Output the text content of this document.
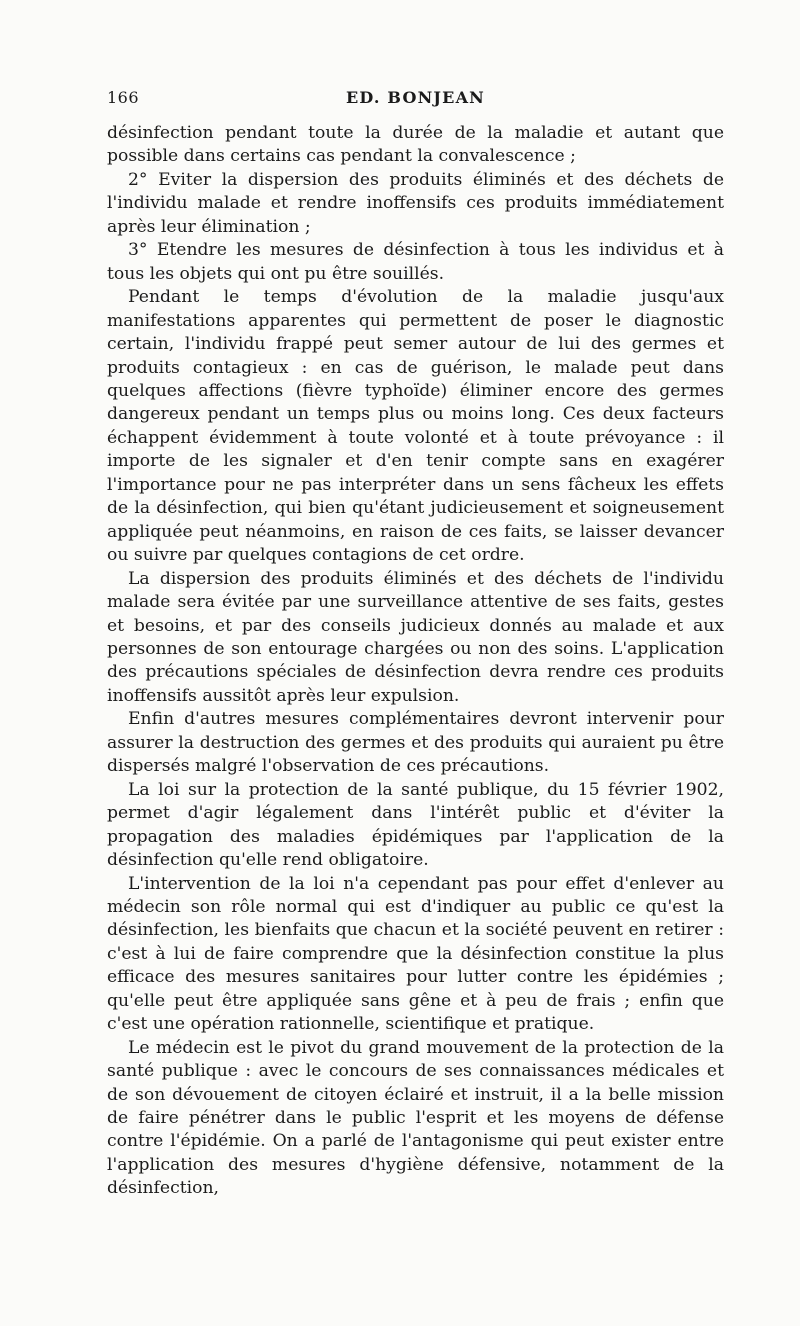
166	ED. BONJEAN

désinfection pendant toute la durée de la maladie et autant que possible dans certains cas pendant la convalescence ;

2° Eviter la dispersion des produits éliminés et des déchets de l'individu malade et rendre inoffensifs ces produits immédiatement après leur élimination ;

3° Etendre les mesures de désinfection à tous les individus et à tous les objets qui ont pu être souillés.

Pendant le temps d'évolution de la maladie jusqu'aux manifestations apparentes qui permettent de poser le diagnostic certain, l'individu frappé peut semer autour de lui des germes et produits contagieux : en cas de guérison, le malade peut dans quelques affections (fièvre typhoïde) éliminer encore des germes dangereux pendant un temps plus ou moins long. Ces deux facteurs échappent évidemment à toute volonté et à toute prévoyance : il importe de les signaler et d'en tenir compte sans en exagérer l'importance pour ne pas interpréter dans un sens fâcheux les effets de la désinfection, qui bien qu'étant judicieusement et soigneusement appliquée peut néanmoins, en raison de ces faits, se laisser devancer ou suivre par quelques contagions de cet ordre.

La dispersion des produits éliminés et des déchets de l'individu malade sera évitée par une surveillance attentive de ses faits, gestes et besoins, et par des conseils judicieux donnés au malade et aux personnes de son entourage chargées ou non des soins. L'application des précautions spéciales de désinfection devra rendre ces produits inoffensifs aussitôt après leur expulsion.

Enfin d'autres mesures complémentaires devront intervenir pour assurer la destruction des germes et des produits qui auraient pu être dispersés malgré l'observation de ces précautions.

La loi sur la protection de la santé publique, du 15 février 1902, permet d'agir légalement dans l'intérêt public et d'éviter la propagation des maladies épidémiques par l'application de la désinfection qu'elle rend obligatoire.

L'intervention de la loi n'a cependant pas pour effet d'enlever au médecin son rôle normal qui est d'indiquer au public ce qu'est la désinfection, les bienfaits que chacun et la société peuvent en retirer : c'est à lui de faire comprendre que la désinfection constitue la plus efficace des mesures sanitaires pour lutter contre les épidémies ; qu'elle peut être appliquée sans gêne et à peu de frais ; enfin que c'est une opération rationnelle, scientifique et pratique.

Le médecin est le pivot du grand mouvement de la protection de la santé publique : avec le concours de ses connaissances médicales et de son dévouement de citoyen éclairé et instruit, il a la belle mission de faire pénétrer dans le public l'esprit et les moyens de défense contre l'épidémie. On a parlé de l'antagonisme qui peut exister entre l'application des mesures d'hygiène défensive, notamment de la désinfection,
